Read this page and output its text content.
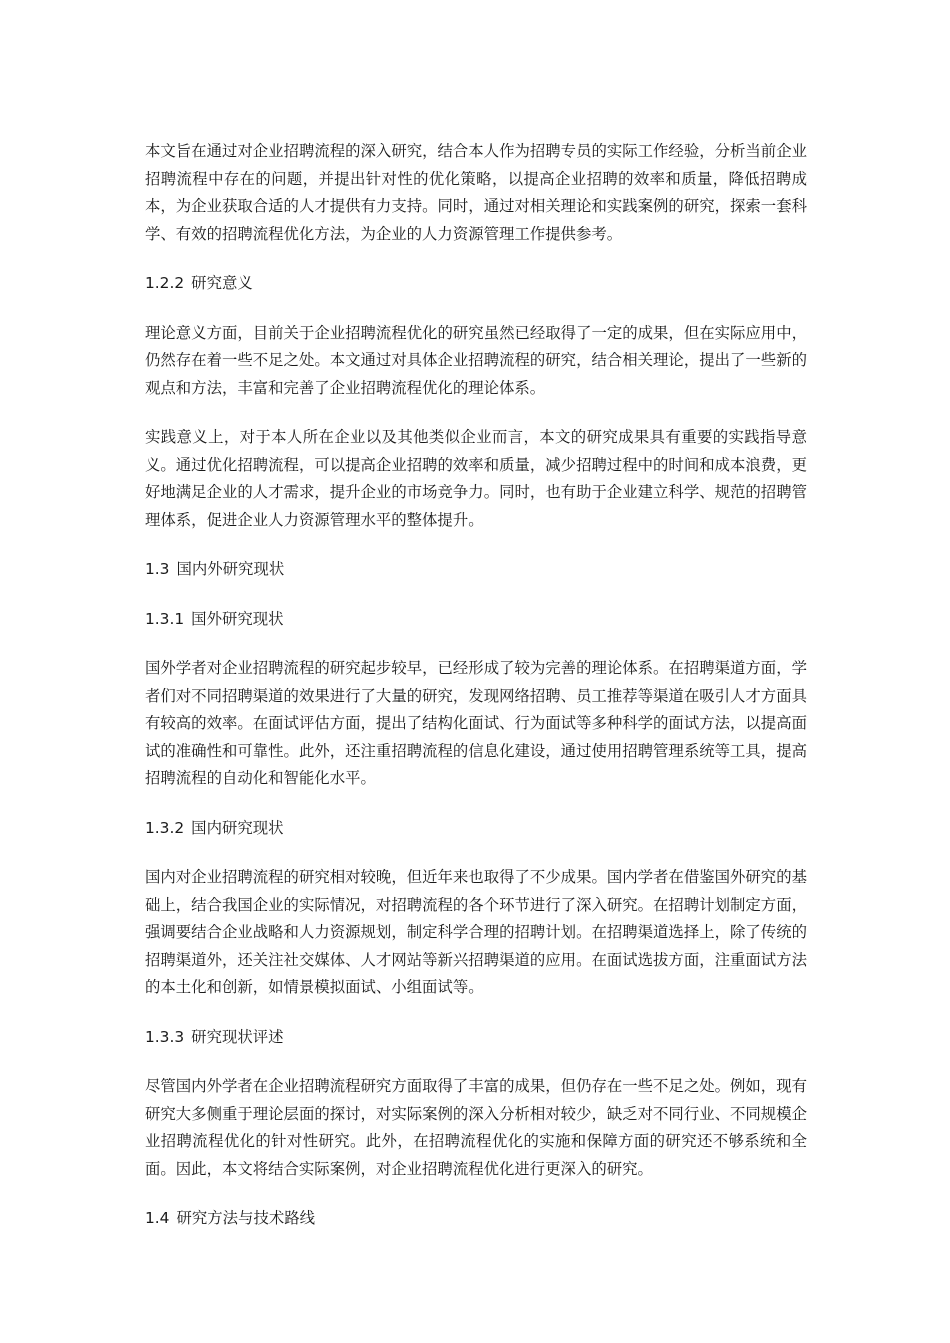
本文旨在通过对企业招聘流程的深入研究，结合本人作为招聘专员的实际工作经验，分析当前企业招聘流程中存在的问题，并提出针对性的优化策略，以提高企业招聘的效率和质量，降低招聘成本，为企业获取合适的人才提供有力支持。同时，通过对相关理论和实践案例的研究，探索一套科学、有效的招聘流程优化方法，为企业的人力资源管理工作提供参考。

1.2.2 研究意义

理论意义方面，目前关于企业招聘流程优化的研究虽然已经取得了一定的成果，但在实际应用中，仍然存在着一些不足之处。本文通过对具体企业招聘流程的研究，结合相关理论，提出了一些新的观点和方法，丰富和完善了企业招聘流程优化的理论体系。

实践意义上，对于本人所在企业以及其他类似企业而言，本文的研究成果具有重要的实践指导意义。通过优化招聘流程，可以提高企业招聘的效率和质量，减少招聘过程中的时间和成本浪费，更好地满足企业的人才需求，提升企业的市场竞争力。同时，也有助于企业建立科学、规范的招聘管理体系，促进企业人力资源管理水平的整体提升。

1.3 国内外研究现状
1.3.1 国外研究现状

国外学者对企业招聘流程的研究起步较早，已经形成了较为完善的理论体系。在招聘渠道方面，学者们对不同招聘渠道的效果进行了大量的研究，发现网络招聘、员工推荐等渠道在吸引人才方面具有较高的效率。在面试评估方面，提出了结构化面试、行为面试等多种科学的面试方法，以提高面试的准确性和可靠性。此外，还注重招聘流程的信息化建设，通过使用招聘管理系统等工具，提高招聘流程的自动化和智能化水平。

1.3.2 国内研究现状

国内对企业招聘流程的研究相对较晚，但近年来也取得了不少成果。国内学者在借鉴国外研究的基础上，结合我国企业的实际情况，对招聘流程的各个环节进行了深入研究。在招聘计划制定方面，强调要结合企业战略和人力资源规划，制定科学合理的招聘计划。在招聘渠道选择上，除了传统的招聘渠道外，还关注社交媒体、人才网站等新兴招聘渠道的应用。在面试选拔方面，注重面试方法的本土化和创新，如情景模拟面试、小组面试等。

1.3.3 研究现状评述

尽管国内外学者在企业招聘流程研究方面取得了丰富的成果，但仍存在一些不足之处。例如，现有研究大多侧重于理论层面的探讨，对实际案例的深入分析相对较少，缺乏对不同行业、不同规模企业招聘流程优化的针对性研究。此外，在招聘流程优化的实施和保障方面的研究还不够系统和全面。因此，本文将结合实际案例，对企业招聘流程优化进行更深入的研究。

1.4 研究方法与技术路线
